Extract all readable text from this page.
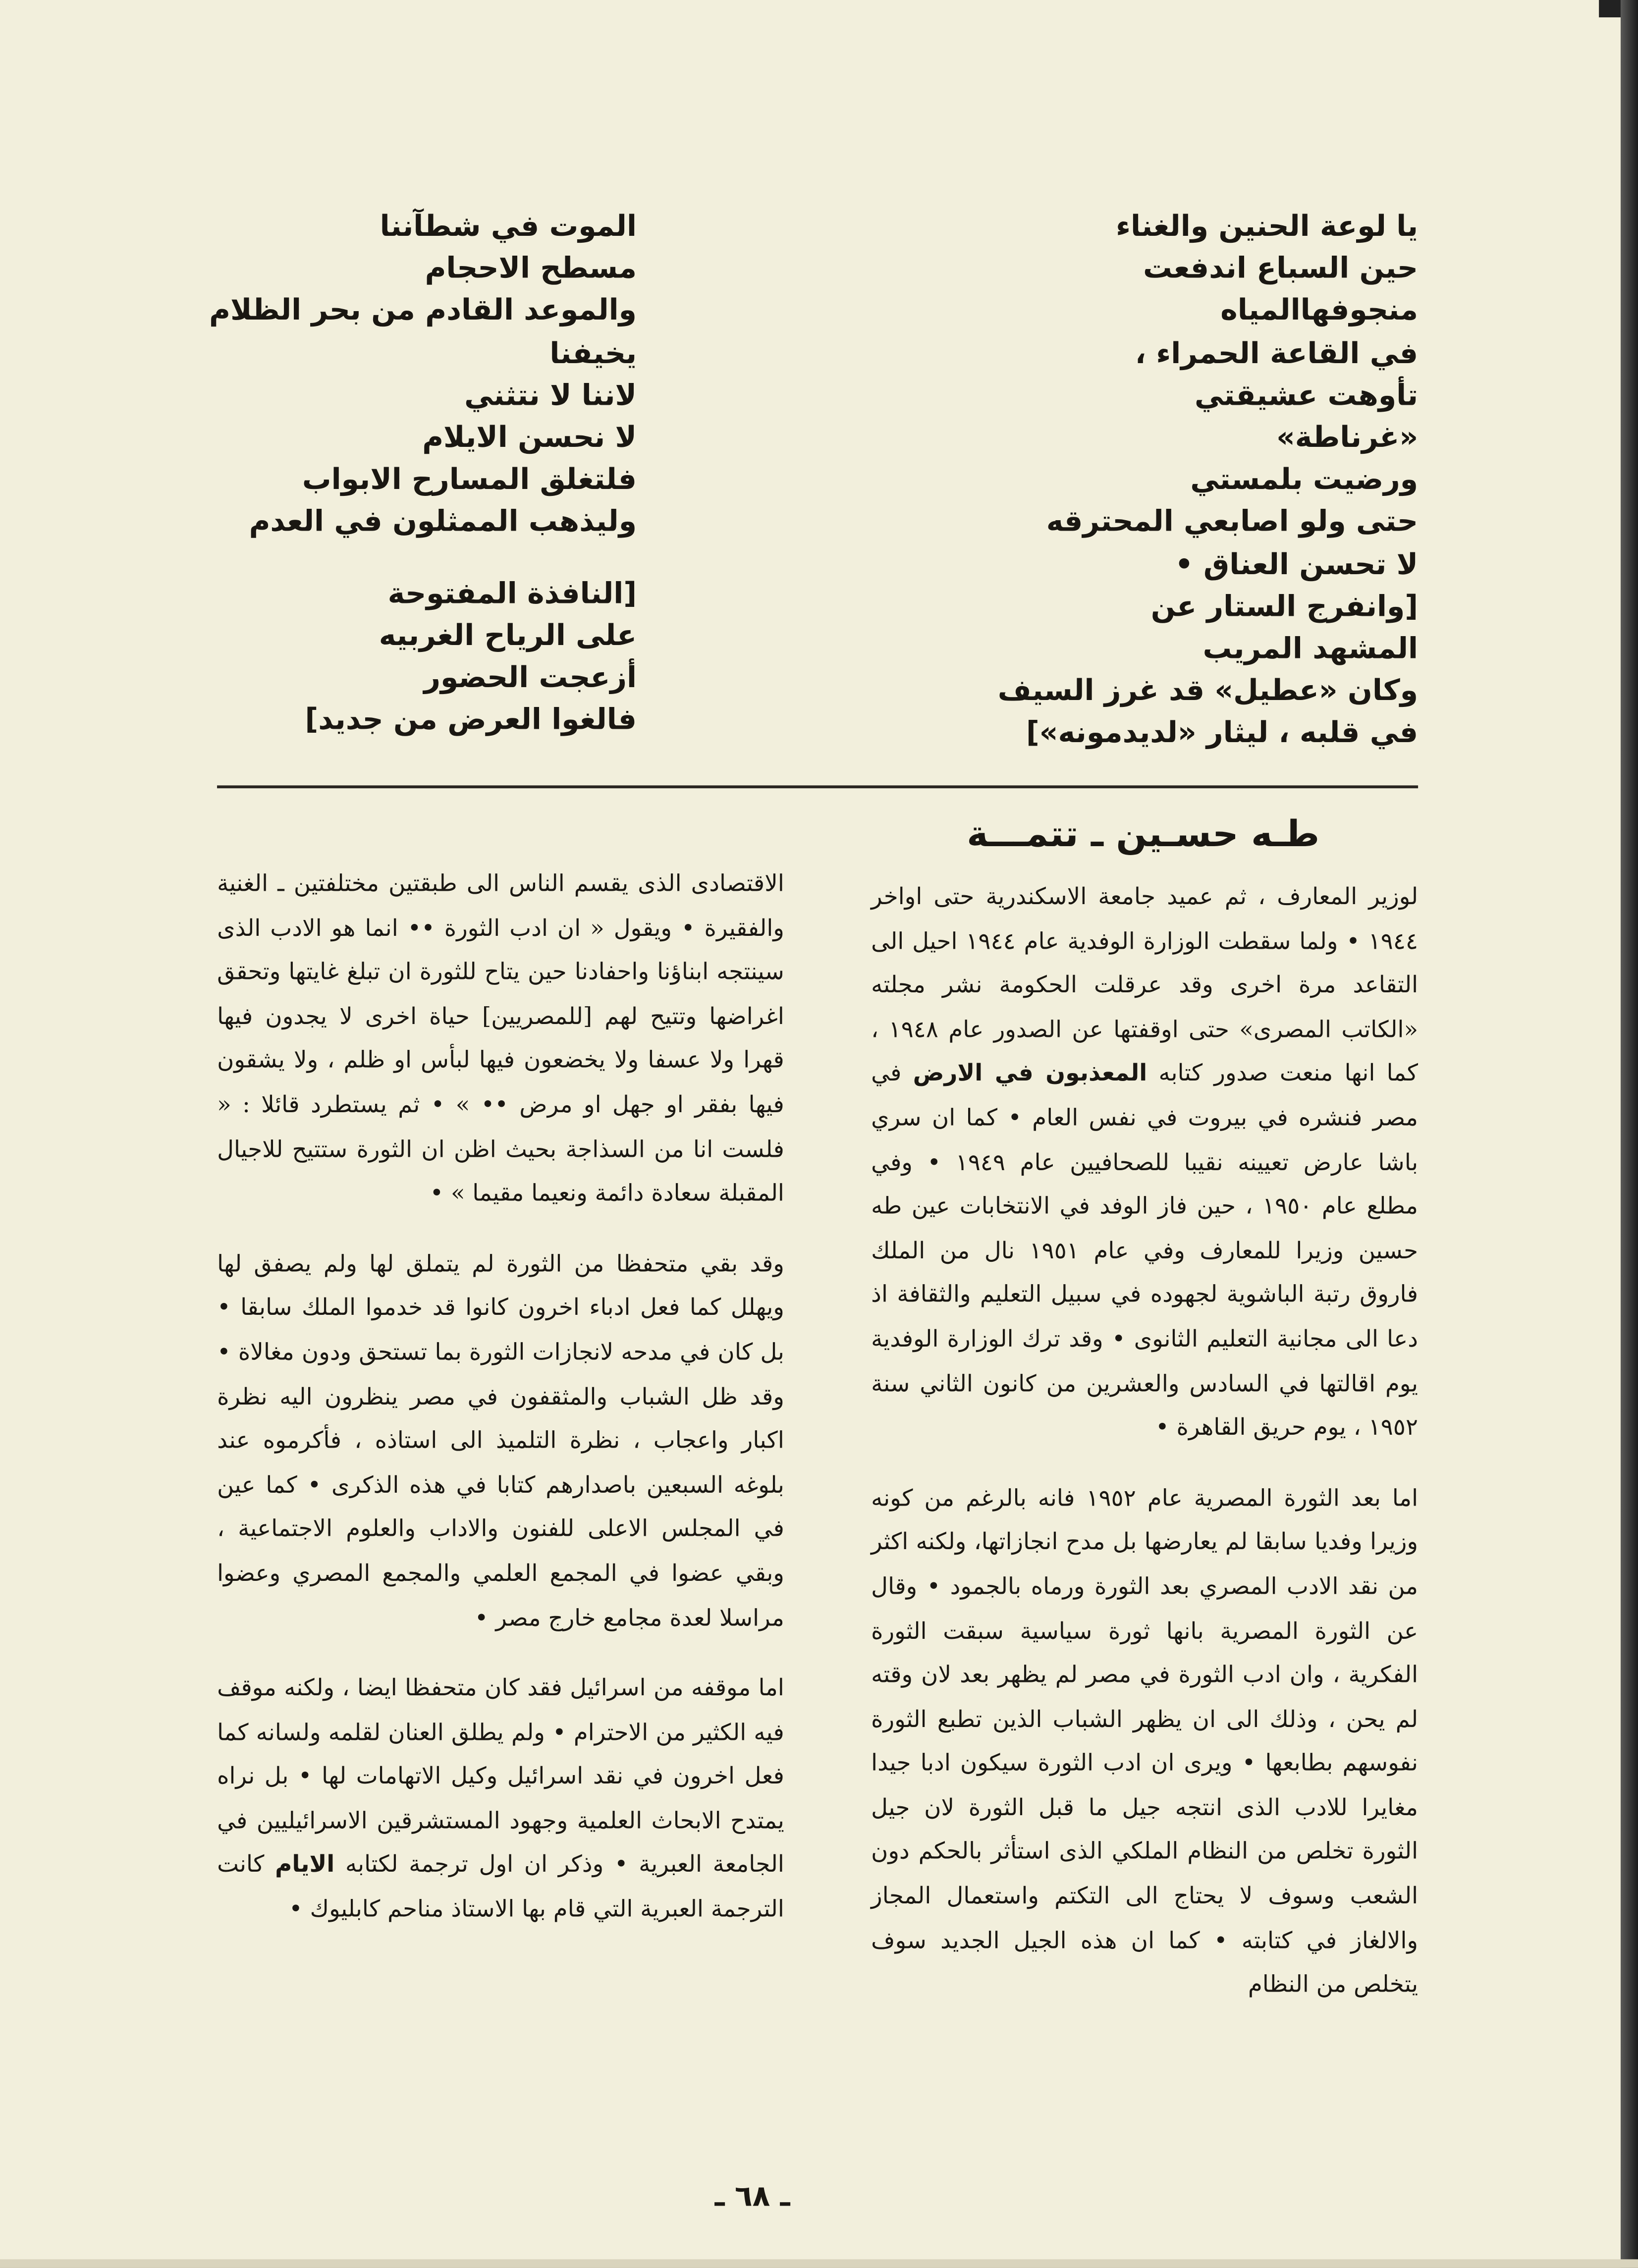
يا لوعة الحنين والغناء
حين السباع اندفعت
منجوفهاالمياه
في القاعة الحمراء ،
تأوهت عشيقتي
«غرناطة»
ورضيت بلمستي
حتى ولو اصابعي المحترقه
لا تحسن العناق •
[وانفرج الستار عن
المشهد المريب
وكان «عطيل» قد غرز السيف
في قلبه ، ليثار «لديدمونه»]
الموت في شطآننا
مسطح الاحجام
والموعد القادم من بحر الظلام
يخيفنا
لاننا لا نتثني
لا نحسن الايلام
فلتغلق المسارح الابواب
وليذهب الممثلون في العدم
[النافذة المفتوحة
على الرياح الغربيه
أزعجت الحضور
فالغوا العرض من جديد]
طـه حسـين ـ تتمـــة

لوزير المعارف ، ثم عميد جامعة الاسكندرية حتى اواخر ١٩٤٤ • ولما سقطت الوزارة الوفدية عام ١٩٤٤ احيل الى التقاعد مرة اخرى وقد عرقلت الحكومة نشر مجلته «الكاتب المصرى» حتى اوقفتها عن الصدور عام ١٩٤٨ ، كما انها منعت صدور كتابه المعذبون في الارض في مصر فنشره في بيروت في نفس العام • كما ان سري باشا عارض تعيينه نقيبا للصحافيين عام ١٩٤٩ • وفي مطلع عام ١٩٥٠ ، حين فاز الوفد في الانتخابات عين طه حسين وزيرا للمعارف وفي عام ١٩٥١ نال من الملك فاروق رتبة الباشوية لجهوده في سبيل التعليم والثقافة اذ دعا الى مجانية التعليم الثانوى • وقد ترك الوزارة الوفدية يوم اقالتها في السادس والعشرين من كانون الثاني سنة ١٩٥٢ ، يوم حريق القاهرة •

اما بعد الثورة المصرية عام ١٩٥٢ فانه بالرغم من كونه وزيرا وفديا سابقا لم يعارضها بل مدح انجازاتها، ولكنه اكثر من نقد الادب المصري بعد الثورة ورماه بالجمود • وقال عن الثورة المصرية بانها ثورة سياسية سبقت الثورة الفكرية ، وان ادب الثورة في مصر لم يظهر بعد لان وقته لم يحن ، وذلك الى ان يظهر الشباب الذين تطبع الثورة نفوسهم بطابعها • ويرى ان ادب الثورة سيكون ادبا جيدا مغايرا للادب الذى انتجه جيل ما قبل الثورة لان جيل الثورة تخلص من النظام الملكي الذى استأثر بالحكم دون الشعب وسوف لا يحتاج الى التكتم واستعمال المجاز والالغاز في كتابته • كما ان هذه الجيل الجديد سوف يتخلص من النظام

الاقتصادى الذى يقسم الناس الى طبقتين مختلفتين ـ الغنية والفقيرة • ويقول « ان ادب الثورة •• انما هو الادب الذى سينتجه ابناؤنا واحفادنا حين يتاح للثورة ان تبلغ غايتها وتحقق اغراضها وتتيح لهم [للمصريين] حياة اخرى لا يجدون فيها قهرا ولا عسفا ولا يخضعون فيها لبأس او ظلم ، ولا يشقون فيها بفقر او جهل او مرض •• » • ثم يستطرد قائلا : « فلست انا من السذاجة بحيث اظن ان الثورة ستتيح للاجيال المقبلة سعادة دائمة ونعيما مقيما » •

وقد بقي متحفظا من الثورة لم يتملق لها ولم يصفق لها ويهلل كما فعل ادباء اخرون كانوا قد خدموا الملك سابقا • بل كان في مدحه لانجازات الثورة بما تستحق ودون مغالاة • وقد ظل الشباب والمثقفون في مصر ينظرون اليه نظرة اكبار واعجاب ، نظرة التلميذ الى استاذه ، فأكرموه عند بلوغه السبعين باصدارهم كتابا في هذه الذكرى • كما عين في المجلس الاعلى للفنون والاداب والعلوم الاجتماعية ، وبقي عضوا في المجمع العلمي والمجمع المصري وعضوا مراسلا لعدة مجامع خارج مصر •

اما موقفه من اسرائيل فقد كان متحفظا ايضا ، ولكنه موقف فيه الكثير من الاحترام • ولم يطلق العنان لقلمه ولسانه كما فعل اخرون في نقد اسرائيل وكيل الاتهامات لها • بل نراه يمتدح الابحاث العلمية وجهود المستشرقين الاسرائيليين في الجامعة العبرية • وذكر ان اول ترجمة لكتابه الايام كانت الترجمة العبرية التي قام بها الاستاذ مناحم كابليوك •

ـ ٦٨ ـ
